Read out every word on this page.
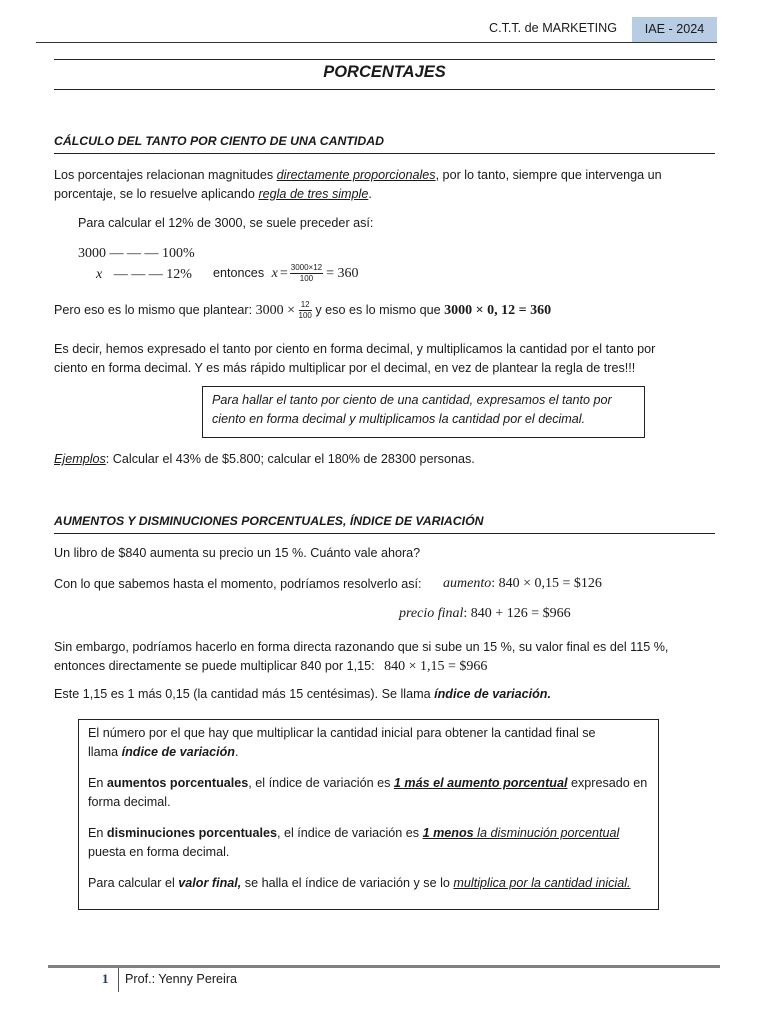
C.T.T. de MARKETING	IAE - 2024
PORCENTAJES
CÁLCULO DEL TANTO POR CIENTO DE UNA CANTIDAD
Los porcentajes relacionan magnitudes directamente proporcionales, por lo tanto, siempre que intervenga un
porcentaje, se lo resuelve aplicando regla de tres simple.
Para calcular el 12% de 3000, se suele preceder así:
3000 — — — 100%
x — — — 12% entonces $x = \frac{3000\times 12}{100} = 360$
Pero eso es lo mismo que plantear: $3000 \times \frac{12}{100}$ y eso es lo mismo que 3000 × 0, 12 = 360
Es decir, hemos expresado el tanto por ciento en forma decimal, y multiplicamos la cantidad por el tanto por
ciento en forma decimal. Y es más rápido multiplicar por el decimal, en vez de plantear la regla de tres!!!
Para hallar el tanto por ciento de una cantidad, expresamos el tanto por
ciento en forma decimal y multiplicamos la cantidad por el decimal.
Ejemplos: Calcular el 43% de $5.800; calcular el 180% de 28300 personas.
AUMENTOS Y DISMINUCIONES PORCENTUALES, ÍNDICE DE VARIACIÓN
Un libro de $840 aumenta su precio un 15 %. Cuánto vale ahora?
Con lo que sabemos hasta el momento, podríamos resolverlo así: aumento: 840 × 0,15 = $126
precio final: 840 + 126 = $966
Sin embargo, podríamos hacerlo en forma directa razonando que si sube un 15 %, su valor final es del 115 %,
entonces directamente se puede multiplicar 840 por 1,15: 840 × 1,15 = $966
Este 1,15 es 1 más 0,15 (la cantidad más 15 centésimas). Se llama índice de variación.

El número por el que hay que multiplicar la cantidad inicial para obtener la cantidad final se
llama índice de variación.

En aumentos porcentuales, el índice de variación es 1 más el aumento porcentual expresado en
forma decimal.

En disminuciones porcentuales, el índice de variación es 1 menos la disminución porcentual
puesta en forma decimal.

Para calcular el valor final, se halla el índice de variación y se lo multiplica por la cantidad inicial.

1 Prof.: Yenny Pereira
